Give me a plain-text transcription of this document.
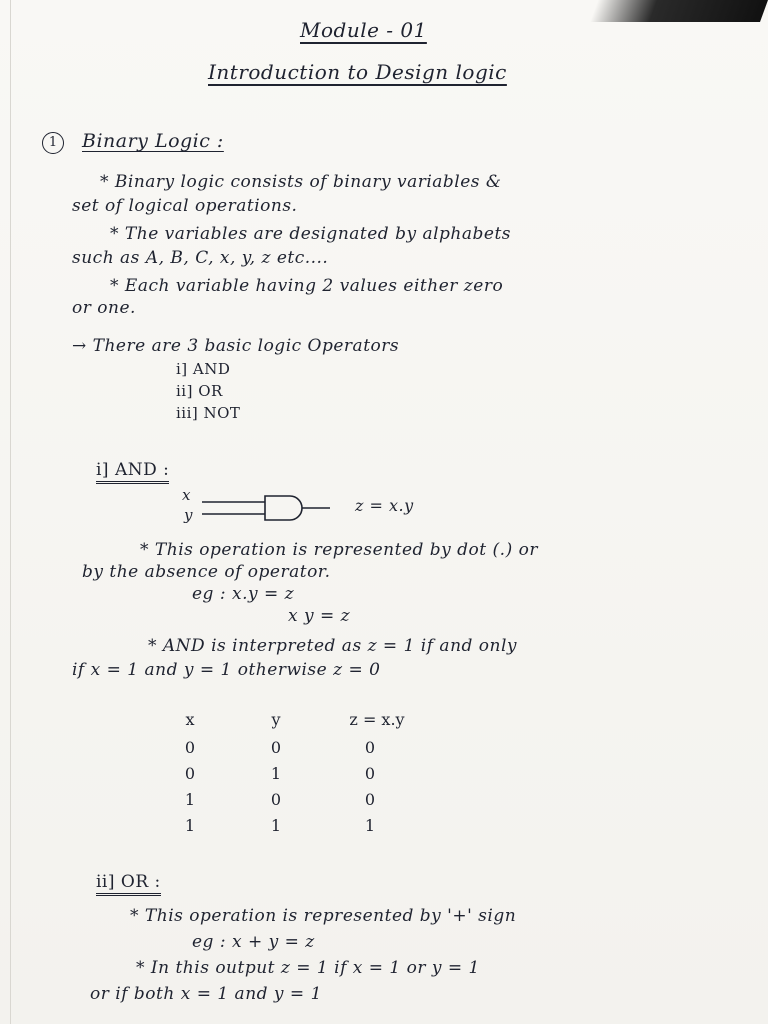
Module - 01
Introduction to Design logic
1	Binary Logic :
* Binary logic consists of binary variables &
set of logical operations.
* The variables are designated by alphabets
such as A, B, C, x, y, z etc....
* Each variable having 2 values either zero
or one.
→ There are 3 basic logic Operators
i] AND
ii] OR
iii] NOT
i] AND :
x
y	z = x.y
* This operation is represented by dot (.) or
by the absence of operator.
eg : x.y = z
x y = z
* AND is interpreted as z = 1 if and only
if x = 1 and y = 1 otherwise z = 0
x	y	z = x.y
0	0	0
0	1	0
1	0	0
1	1	1
ii] OR :
* This operation is represented by '+' sign
eg : x + y = z
* In this output z = 1 if x = 1 or y = 1
or if both x = 1 and y = 1
